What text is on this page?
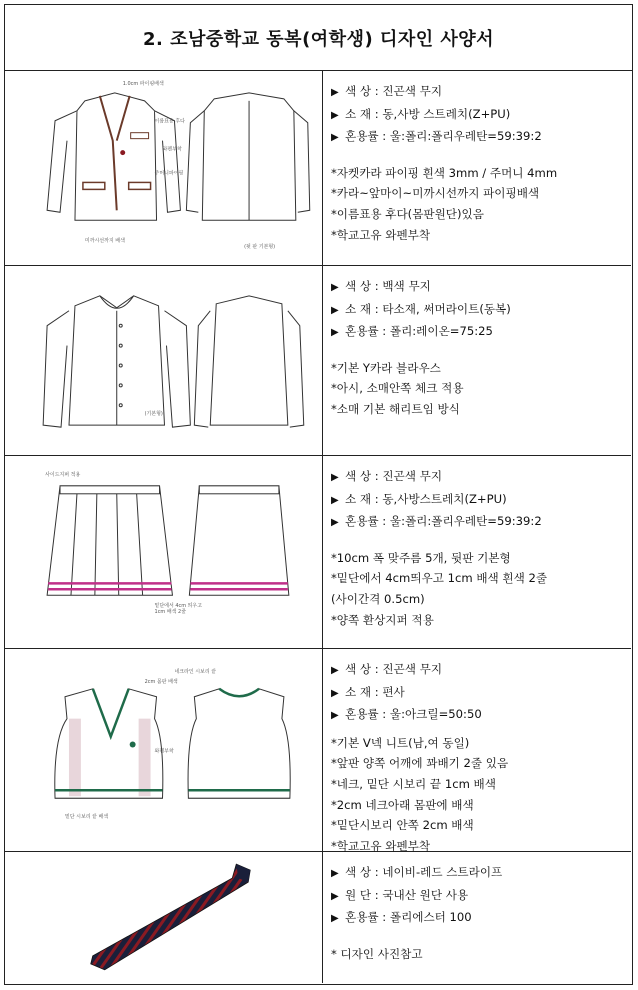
2. 조남중학교 동복(여학생) 디자인 사양서
1.0cm 파이핑배색
이름표용 후다
와펜부착
주머니파이핑
미까시선까지 배색
(뒷 판 기본형)
▶ 색 상 : 진곤색 무지
▶ 소 재 : 동,사방 스트레치(Z+PU)
▶ 혼용률 : 울:폴리:폴리우레탄=59:39:2
*자켓카라 파이핑 흰색 3mm / 주머니 4mm
*카라~앞마이~미까시선까지 파이핑배색
*이름표용 후다(몸판원단)있음
*학교고유 와펜부착
(기본형)
▶ 색 상 : 백색 무지
▶ 소 재 : 타소재, 써머라이트(동복)
▶ 혼용률 : 폴리:레이온=75:25
*기본 Y카라 블라우스
*아시, 소매안쪽 체크 적용
*소매 기본 해리트임 방식
사이드지퍼 적용
밑단에서 4cm 띄우고
1cm 배색 2줄
▶ 색 상 : 진곤색 무지
▶ 소 재 : 동,사방스트레치(Z+PU)
▶ 혼용률 : 울:폴리:폴리우레탄=59:39:2
*10cm 폭 맞주름 5개, 뒷판 기본형
*밑단에서 4cm띄우고 1cm 배색 흰색 2줄
(사이간격 0.5cm)
*양쪽 환상지퍼 적용
네크라인 시보리 끝
2cm 몸판 배색
와펜부착
밑단 시보리 끝 배색
▶ 색 상 : 진곤색 무지
▶ 소 재 : 편사
▶ 혼용률 : 울:아크릴=50:50
*기본 V넥 니트(남,여 동일)
*앞판 양쪽 어깨에 꽈배기 2줄 있음
*네크, 밑단 시보리 끝 1cm 배색
*2cm 네크아래 몸판에 배색
*밑단시보리 안쪽 2cm 배색
*학교고유 와펜부착
▶ 색 상 : 네이비-레드 스트라이프
▶ 원 단 : 국내산 원단 사용
▶ 혼용률 : 폴리에스터 100
* 디자인 사진참고
